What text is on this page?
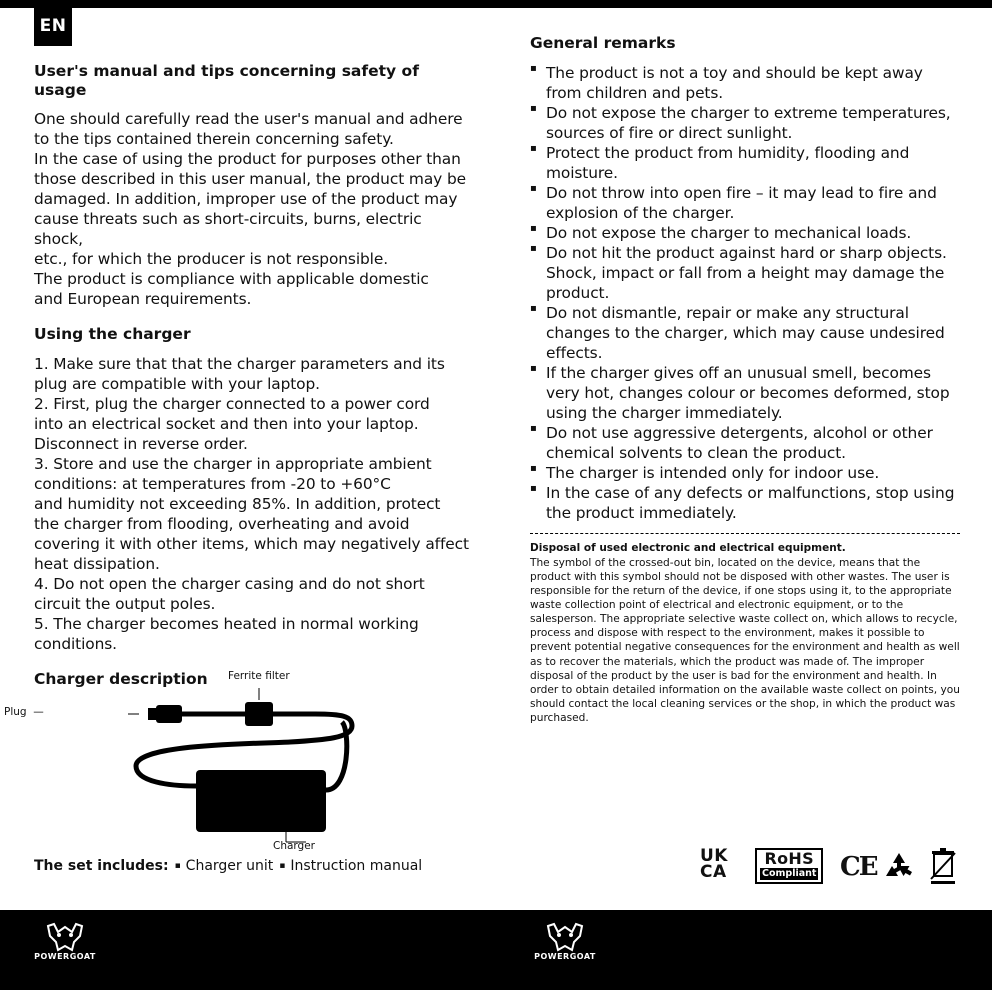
EN
User's manual and tips concerning safety of usage

One should carefully read the user's manual and adhere

to the tips contained therein concerning safety.

In the case of using the product for purposes other than

those described in this user manual, the product may be

damaged. In addition, improper use of the product may

cause threats such as short-circuits, burns, electric shock,

etc., for which the producer is not responsible.

The product is compliance with applicable domestic

and European requirements.

Using the charger

1. Make sure that that the charger parameters and its

plug are compatible with your laptop.

2. First, plug the charger connected to a power cord

into an electrical socket and then into your laptop.

Disconnect in reverse order.

3. Store and use the charger in appropriate ambient

conditions: at temperatures from -20 to +60°C

and humidity not exceeding 85%. In addition, protect

the charger from flooding, overheating and avoid

covering it with other items, which may negatively affect

heat dissipation.

4. Do not open the charger casing and do not short

circuit the output poles.

5. The charger becomes heated in normal working

conditions.

Charger description	Ferrite filter
Plug  —
Charger
The set includes: ▪ Charger unit ▪ Instruction manual
General remarks
▪ The product is not a toy and should be kept away from children and pets.
▪ Do not expose the charger to extreme temperatures, sources of fire or direct sunlight.
▪ Protect the product from humidity, flooding and moisture.
▪ Do not throw into open fire – it may lead to fire and explosion of the charger.
▪ Do not expose the charger to mechanical loads.
▪ Do not hit the product against hard or sharp objects. Shock, impact or fall from a height may damage the product.
▪ Do not dismantle, repair or make any structural changes to the charger, which may cause undesired effects.
▪ If the charger gives off an unusual smell, becomes very hot, changes colour or becomes deformed, stop using the charger immediately.
▪ Do not use aggressive detergents, alcohol or other chemical solvents to clean the product.
▪ The charger is intended only for indoor use.
▪ In the case of any defects or malfunctions, stop using the product immediately.

Disposal of used electronic and electrical equipment.

The symbol of the crossed-out bin, located on the device, means that the product with this symbol should not be disposed with other wastes. The user is responsible for the return of the device, if one stops using it, to the appropriate waste collection point of electrical and electronic equipment, or to the salesperson. The appropriate selective waste collect on, which allows to recycle, process and dispose with respect to the environment, makes it possible to prevent potential negative consequences for the environment and health as well as to recover the materials, which the product was made of. The improper disposal of the product by the user is bad for the environment and health. In order to obtain detailed information on the available waste collect on points, you should contact the local cleaning services or the shop, in which the product was purchased.

UK
CA
RoHS
Compliant CE
POWERGOAT	POWERGOAT
